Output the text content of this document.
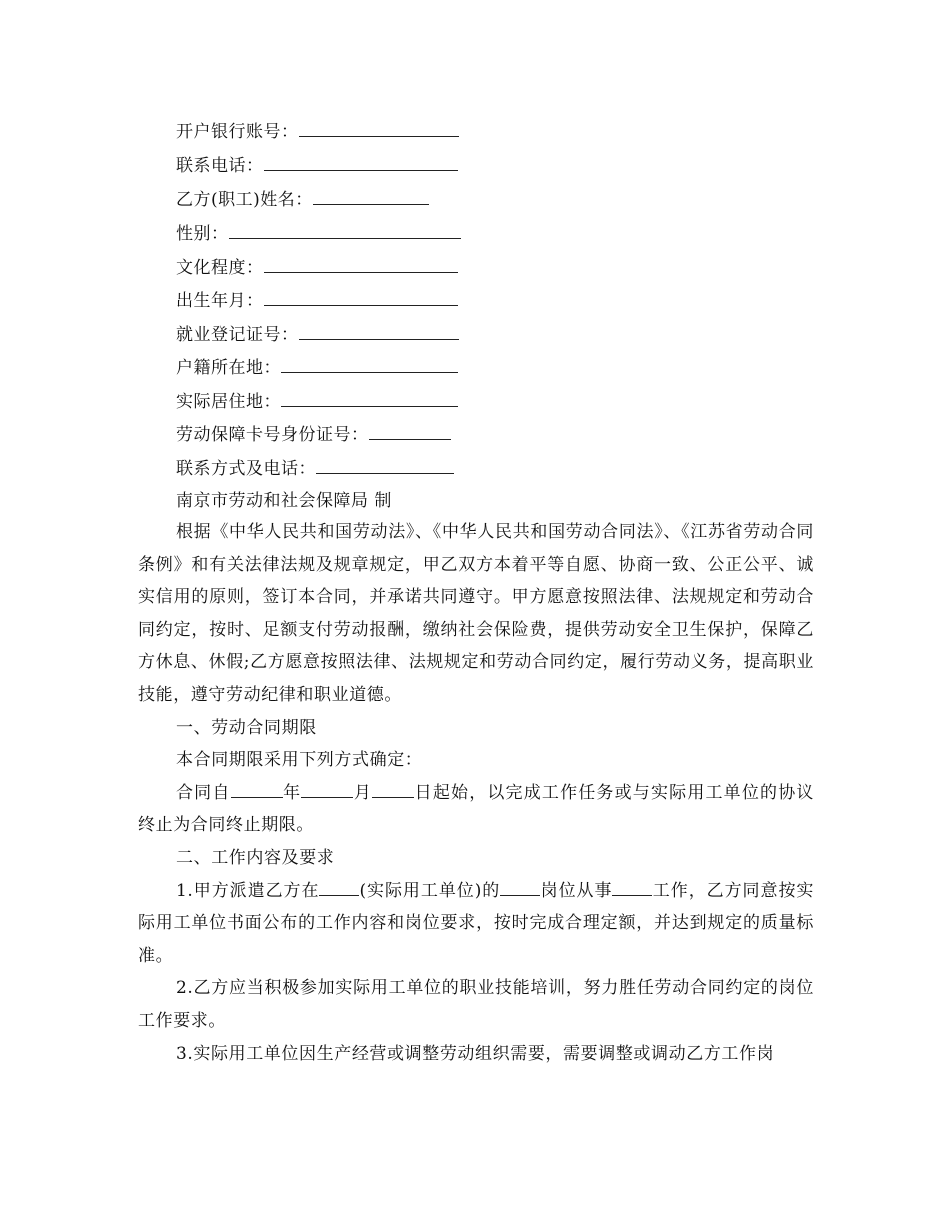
开户银行账号：
联系电话：
乙方(职工)姓名：
性别：
文化程度：
出生年月：
就业登记证号：
户籍所在地：
实际居住地：
劳动保障卡号身份证号：
联系方式及电话：
南京市劳动和社会保障局 制

根据《中华人民共和国劳动法》、《中华人民共和国劳动合同法》、《江苏省劳动合同条例》和有关法律法规及规章规定，甲乙双方本着平等自愿、协商一致、公正公平、诚实信用的原则，签订本合同，并承诺共同遵守。甲方愿意按照法律、法规规定和劳动合同约定，按时、足额支付劳动报酬，缴纳社会保险费，提供劳动安全卫生保护，保障乙方休息、休假;乙方愿意按照法律、法规规定和劳动合同约定，履行劳动义务，提高职业技能，遵守劳动纪律和职业道德。

一、劳动合同期限

本合同期限采用下列方式确定：

合同自	年	月 日起始，以完成工作任务或与实际用工单位的协议终止为合同终止期限。

二、工作内容及要求

1.甲方派遣乙方在 (实际用工单位)的 岗位从事 工作，乙方同意按实际用工单位书面公布的工作内容和岗位要求，按时完成合理定额，并达到规定的质量标准。

2.乙方应当积极参加实际用工单位的职业技能培训，努力胜任劳动合同约定的岗位工作要求。

3.实际用工单位因生产经营或调整劳动组织需要，需要调整或调动乙方工作岗
